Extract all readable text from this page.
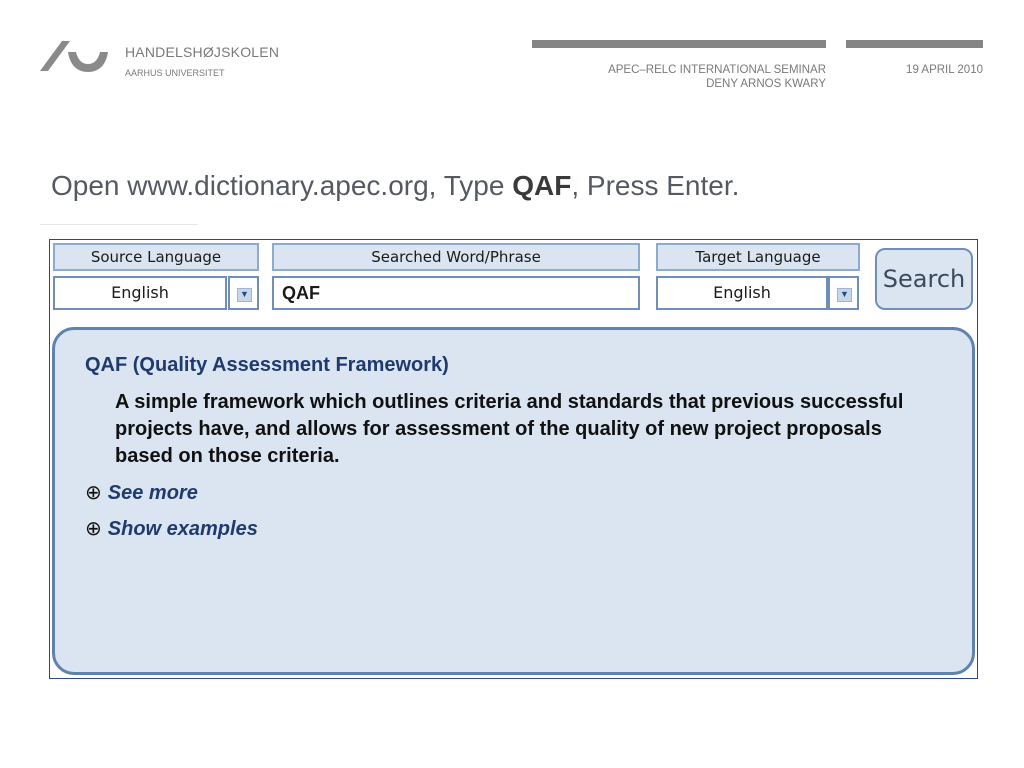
HANDELSHØJSKOLEN
AARHUS UNIVERSITET	APEC–RELC INTERNATIONAL SEMINAR
DENY ARNOS KWARY
19 APRIL 2010
Open www.dictionary.apec.org, Type QAF, Press Enter.
Source Language
English	▼
Searched Word/Phrase
QAF
Target Language
English	▼
Search
QAF (Quality Assessment Framework)
A simple framework which outlines criteria and standards that previous successful projects have, and allows for assessment of the quality of new project proposals based on those criteria.
⊕ See more
⊕ Show examples
